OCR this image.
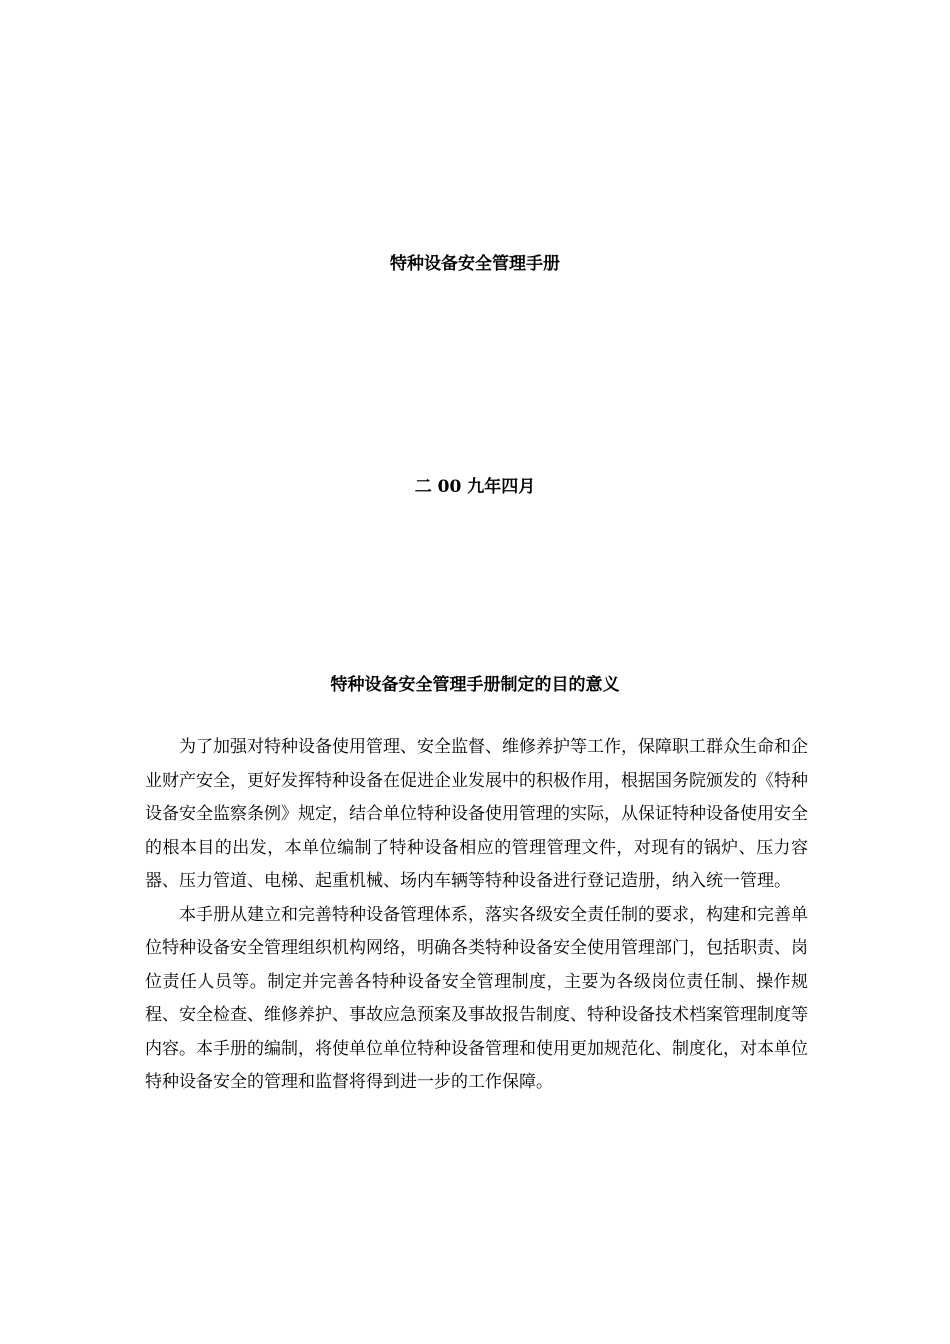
特种设备安全管理手册
二 00 九年四月
特种设备安全管理手册制定的目的意义

为了加强对特种设备使用管理、安全监督、维修养护等工作，保障职工群众生命和企业财产安全，更好发挥特种设备在促进企业发展中的积极作用，根据国务院颁发的《特种设备安全监察条例》规定，结合单位特种设备使用管理的实际，从保证特种设备使用安全的根本目的出发，本单位编制了特种设备相应的管理管理文件，对现有的锅炉、压力容器、压力管道、电梯、起重机械、场内车辆等特种设备进行登记造册，纳入统一管理。

本手册从建立和完善特种设备管理体系，落实各级安全责任制的要求，构建和完善单位特种设备安全管理组织机构网络，明确各类特种设备安全使用管理部门，包括职责、岗位责任人员等。制定并完善各特种设备安全管理制度，主要为各级岗位责任制、操作规程、安全检查、维修养护、事故应急预案及事故报告制度、特种设备技术档案管理制度等内容。本手册的编制，将使单位单位特种设备管理和使用更加规范化、制度化，对本单位特种设备安全的管理和监督将得到进一步的工作保障。
